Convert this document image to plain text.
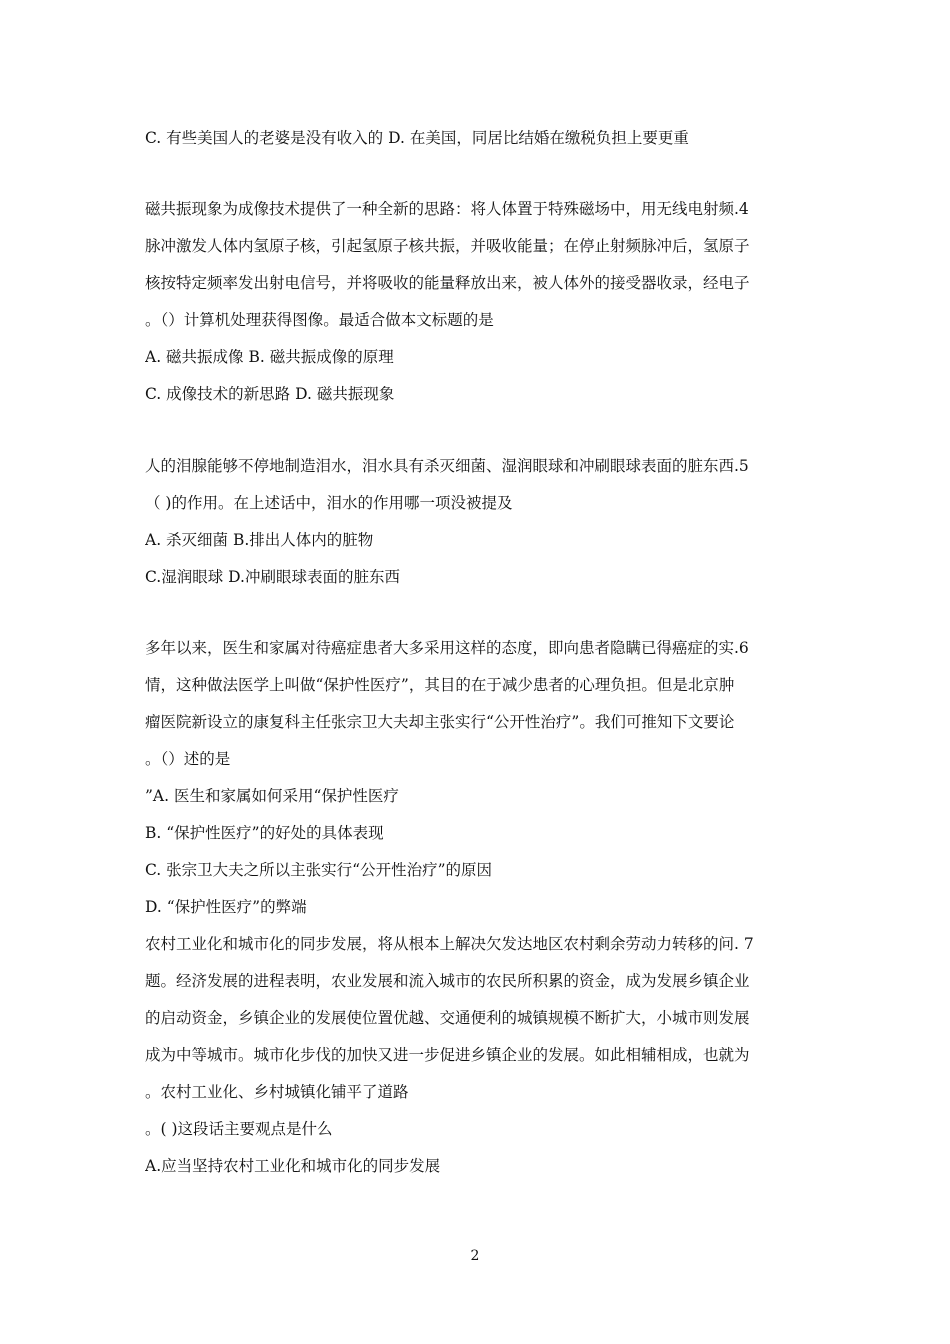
C. 有些美国人的老婆是没有收入的 D. 在美国，同居比结婚在缴税负担上要更重
磁共振现象为成像技术提供了一种全新的思路：将人体置于特殊磁场中，用无线电射频.4
脉冲激发人体内氢原子核，引起氢原子核共振，并吸收能量；在停止射频脉冲后，氢原子
核按特定频率发出射电信号，并将吸收的能量释放出来，被人体外的接受器收录，经电子
。（）计算机处理获得图像。最适合做本文标题的是
A. 磁共振成像 B. 磁共振成像的原理
C. 成像技术的新思路 D. 磁共振现象
人的泪腺能够不停地制造泪水，泪水具有杀灭细菌、湿润眼球和冲刷眼球表面的脏东西.5
（ )的作用。在上述话中，泪水的作用哪一项没被提及
A. 杀灭细菌 B.排出人体内的脏物
C.湿润眼球 D.冲刷眼球表面的脏东西
多年以来，医生和家属对待癌症患者大多采用这样的态度，即向患者隐瞒已得癌症的实.6
情，这种做法医学上叫做“保护性医疗”，其目的在于减少患者的心理负担。但是北京肿
瘤医院新设立的康复科主任张宗卫大夫却主张实行“公开性治疗”。我们可推知下文要论
。（）述的是
”A. 医生和家属如何采用“保护性医疗
B. “保护性医疗”的好处的具体表现
C. 张宗卫大夫之所以主张实行“公开性治疗”的原因
D. “保护性医疗”的弊端
农村工业化和城市化的同步发展，将从根本上解决欠发达地区农村剩余劳动力转移的问. 7
题。经济发展的进程表明，农业发展和流入城市的农民所积累的资金，成为发展乡镇企业
的启动资金，乡镇企业的发展使位置优越、交通便利的城镇规模不断扩大，小城市则发展
成为中等城市。城市化步伐的加快又进一步促进乡镇企业的发展。如此相辅相成，也就为
。农村工业化、乡村城镇化铺平了道路
。( )这段话主要观点是什么
A.应当坚持农村工业化和城市化的同步发展
2
